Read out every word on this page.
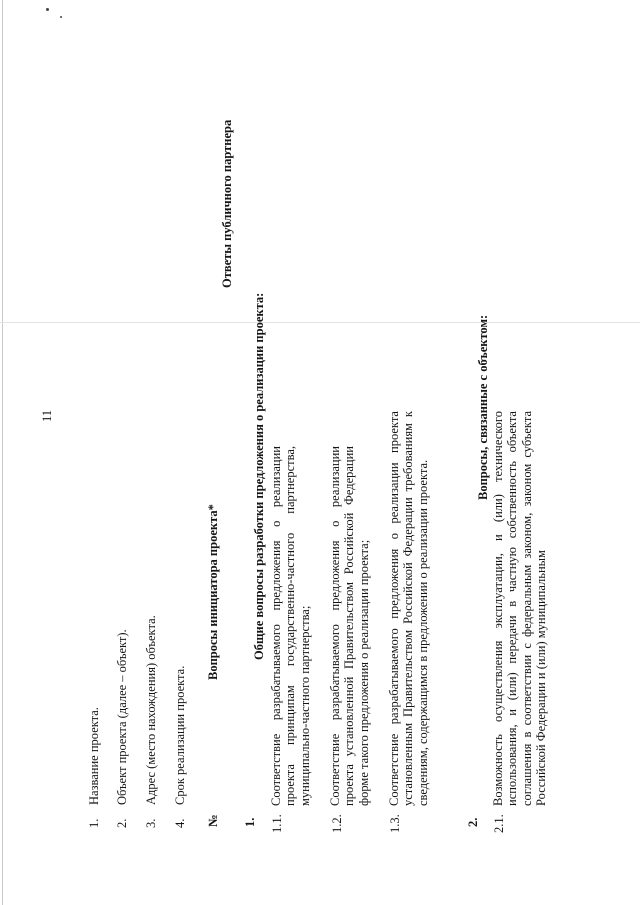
11
1.
Название проекта.
2.
Объект проекта (далее – объект).
3.
Адрес (место нахождения) объекта.
4.
Срок реализации проекта.
№
Вопросы инициатора проекта*
Ответы публичного партнера
1.
Общие вопросы разработки предложения о реализации проекта:
1.1.
Соответствие разрабатываемого предложения о реализации проекта принципам государственно-частного партнерства, муниципально-частного партнерства;
1.2.
Соответствие разрабатываемого предложения о реализации проекта установленной Правительством Российской Федерации форме такого предложения о реализации проекта;
1.3.
Соответствие разрабатываемого предложения о реализации проекта установленным Правительством Российской Федерации требованиям к сведениям, содержащимся в предложении о реализации проекта.
2.
Вопросы, связанные с объектом:
2.1.
Возможность осуществления эксплуатации, и (или) технического использования, и (или) передачи в частную собственность объекта соглашения в соответствии с федеральным законом, законом субъекта Российской Федерации и (или) муниципальным
